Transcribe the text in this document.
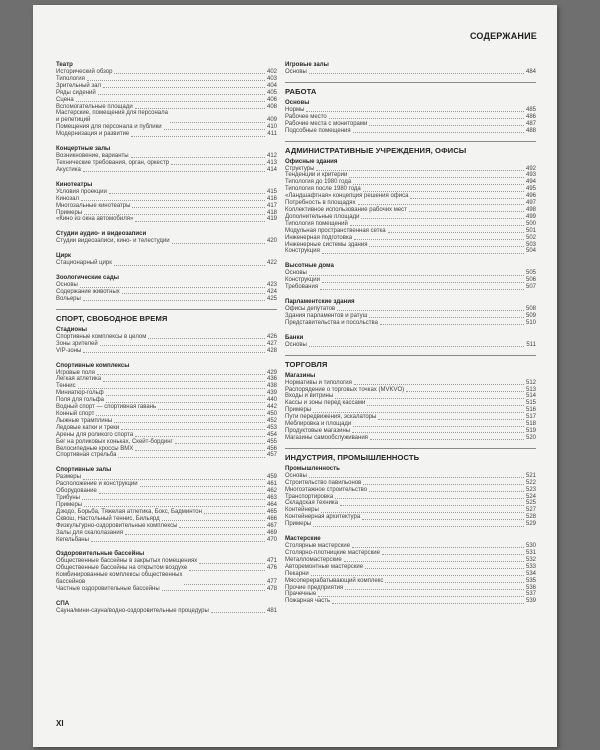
СОДЕРЖАНИЕ
Театр
Исторический обзор	402
Типология	403
Зрительный зал	404
Ряды сидений	405
Сцена	406
Вспомогательные площади	408
Мастерские, помещения для персонала
и репетиций	409
Помещения для персонала и публики	410
Модернизация и развитие	411
Концертные залы
Возникновение, варианты	412
Технические требования, орган, оркестр	413
Акустика	414
Кинотеатры
Условия проекции	415
Кинозал	416
Многозальные кинотеатры	417
Примеры	418
«Кино из окна автомобиля»	419
Студии аудио- и видеозаписи
Студии видеозаписи, кино- и телестудии	420
Цирк
Стационарный цирк	422
Зоологические сады
Основы	423
Содержание животных	424
Вольеры	425
СПОРТ, СВОБОДНОЕ ВРЕМЯ
Стадионы
Спортивные комплексы в целом	426
Зоны зрителей	427
VIP-зоны	428
Спортивные комплексы
Игровые поля	429
Легкая атлетика	436
Теннис	438
Миниатюр-гольф	439
Поля для гольфа	440
Водный спорт — спортивная гавань	442
Конный спорт	450
Лыжные трамплины	452
Ледовые катки и треки	453
Арены для роликого спорта	454
Бег на роликовых коньках, Скейт-бординг	455
Велосипедные кроссы BMX	456
Спортивная стрельба	457
Спортивные залы
Размеры	459
Расположение и конструкции	461
Оборудование	462
Трибуны	463
Примеры	464
Дзюдо, Борьба, Тяжелая атлетика, Бокс, Бадминтон	465
Сквош, Настольный теннис, Бильярд	466
Физкультурно-оздоровительные комплексы	467
Залы для скалолазания	469
Кегельбаны	470
Оздоровительные бассейны
Общественные бассейны в закрытых помещениях	471
Общественные бассейны на открытом воздухе	476
Комбинированные комплексы общественных
бассейнов	477
Частные оздоровительные бассейны	478
СПА
Сауна/мини-сауна/водно-оздоровительные процедуры	481
Игровые залы
Основы	484
РАБОТА
Основы
Нормы	485
Рабочее место	486
Рабочие места с мониторами	487
Подсобные помещения	488
АДМИНИСТРАТИВНЫЕ УЧРЕЖДЕНИЯ, ОФИСЫ
Офисные здания
Структуры	492
Тенденции и критерии	493
Типология до 1980 года	494
Типология после 1980 года	495
«Ландшафтная» концепция решения офиса	496
Потребность в площадях	497
Коллективное использование рабочих мест	498
Дополнительные площади	499
Типология помещений	500
Модульная пространственная сетка	501
Инженерная подготовка	502
Инженерные системы здания	503
Конструкция	504
Высотные дома
Основы	505
Конструкции	506
Требования	507
Парламентские здания
Офисы депутатов	508
Здания парламентов и ратуш	509
Представительства и посольства	510
Банки
Основы	511
ТОРГОВЛЯ
Магазины
Нормативы и типология	512
Распорядение о торговых точках (MVKVO)	513
Входы и витрины	514
Кассы и зоны перед кассами	515
Примеры	516
Пути передвижения, эскалаторы	517
Меблировка и площади	518
Продуктовые магазины	519
Магазины самообслуживания	520
ИНДУСТРИЯ, ПРОМЫШЛЕННОСТЬ
Промышленность
Основы	521
Строительство павильонов	522
Многоэтажное строительство	523
Транспортировка	524
Складская техника	525
Контейнеры	527
Контейнерная архитектура	528
Примеры	529
Мастерские
Столярные мастерские	530
Столярно-плотницкие мастерские	531
Металломастерские	532
Авторемонтные мастерские	533
Пекарни	534
Мясоперерабатывающий комплекс	535
Прочие предприятия	536
Прачечные	537
Пожарная часть	539
XI
